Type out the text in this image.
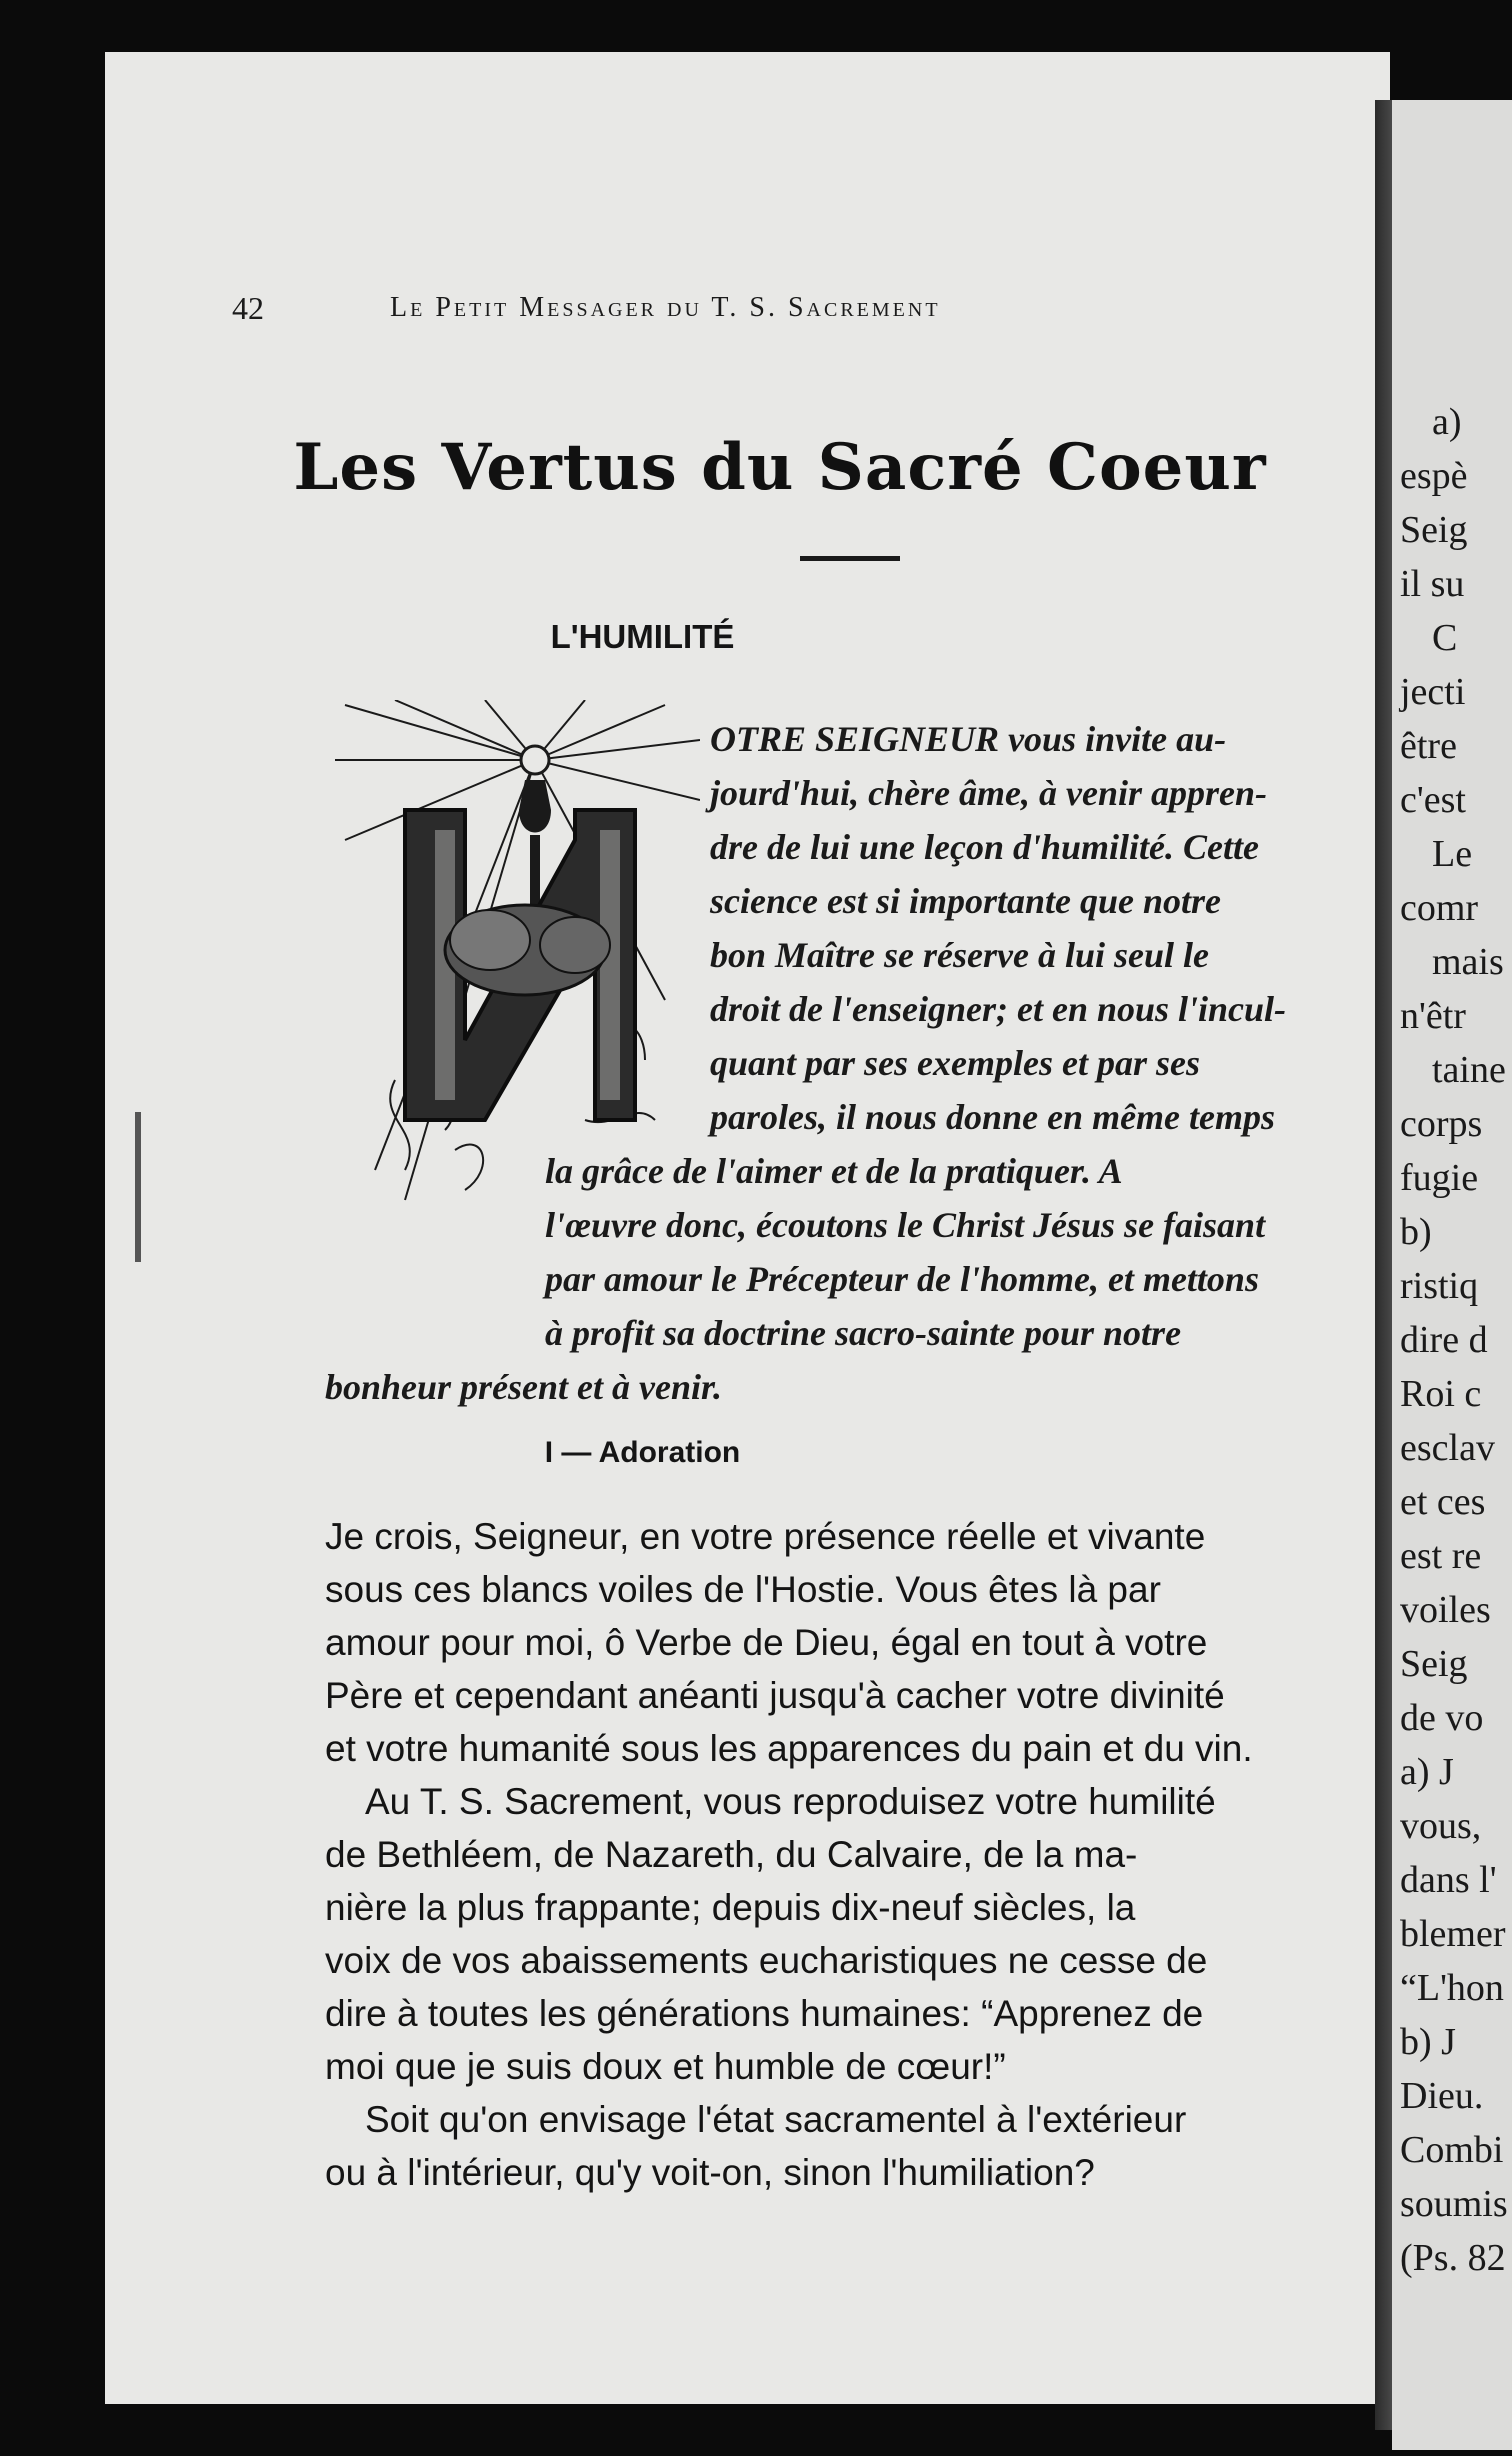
a)
espè
Seig
il su
C
jecti
être
c'est
Le
comr
mais
n'êtr
taine
corps
fugie
b)
ristiq
dire d
Roi c
esclav
et ces
est re
voiles
Seig
de vo
a) J
vous,
dans l'
blemer
“L'hon
b) J
Dieu.
Combi
soumis
(Ps. 82
42	Le Petit Messager du T. S. Sacrement
Les Vertus du Sacré Coeur
L'HUMILITÉ
OTRE SEIGNEUR vous invite au-
jourd'hui, chère âme, à venir appren-
dre de lui une leçon d'humilité. Cette
science est si importante que notre
bon Maître se réserve à lui seul le
droit de l'enseigner; et en nous l'incul-
quant par ses exemples et par ses
paroles, il nous donne en même temps
la grâce de l'aimer et de la pratiquer. A
l'œuvre donc, écoutons le Christ Jésus se faisant
par amour le Précepteur de l'homme, et mettons
à profit sa doctrine sacro-sainte pour notre
bonheur présent et à venir.
I — Adoration

Je crois, Seigneur, en votre présence réelle et vivante
sous ces blancs voiles de l'Hostie. Vous êtes là par
amour pour moi, ô Verbe de Dieu, égal en tout à votre
Père et cependant anéanti jusqu'à cacher votre divinité
et votre humanité sous les apparences du pain et du vin.

Au T. S. Sacrement, vous reproduisez votre humilité
de Bethléem, de Nazareth, du Calvaire, de la ma-
nière la plus frappante; depuis dix-neuf siècles, la
voix de vos abaissements eucharistiques ne cesse de
dire à toutes les générations humaines: “Apprenez de
moi que je suis doux et humble de cœur!”

Soit qu'on envisage l'état sacramentel à l'extérieur
ou à l'intérieur, qu'y voit-on, sinon l'humiliation?
